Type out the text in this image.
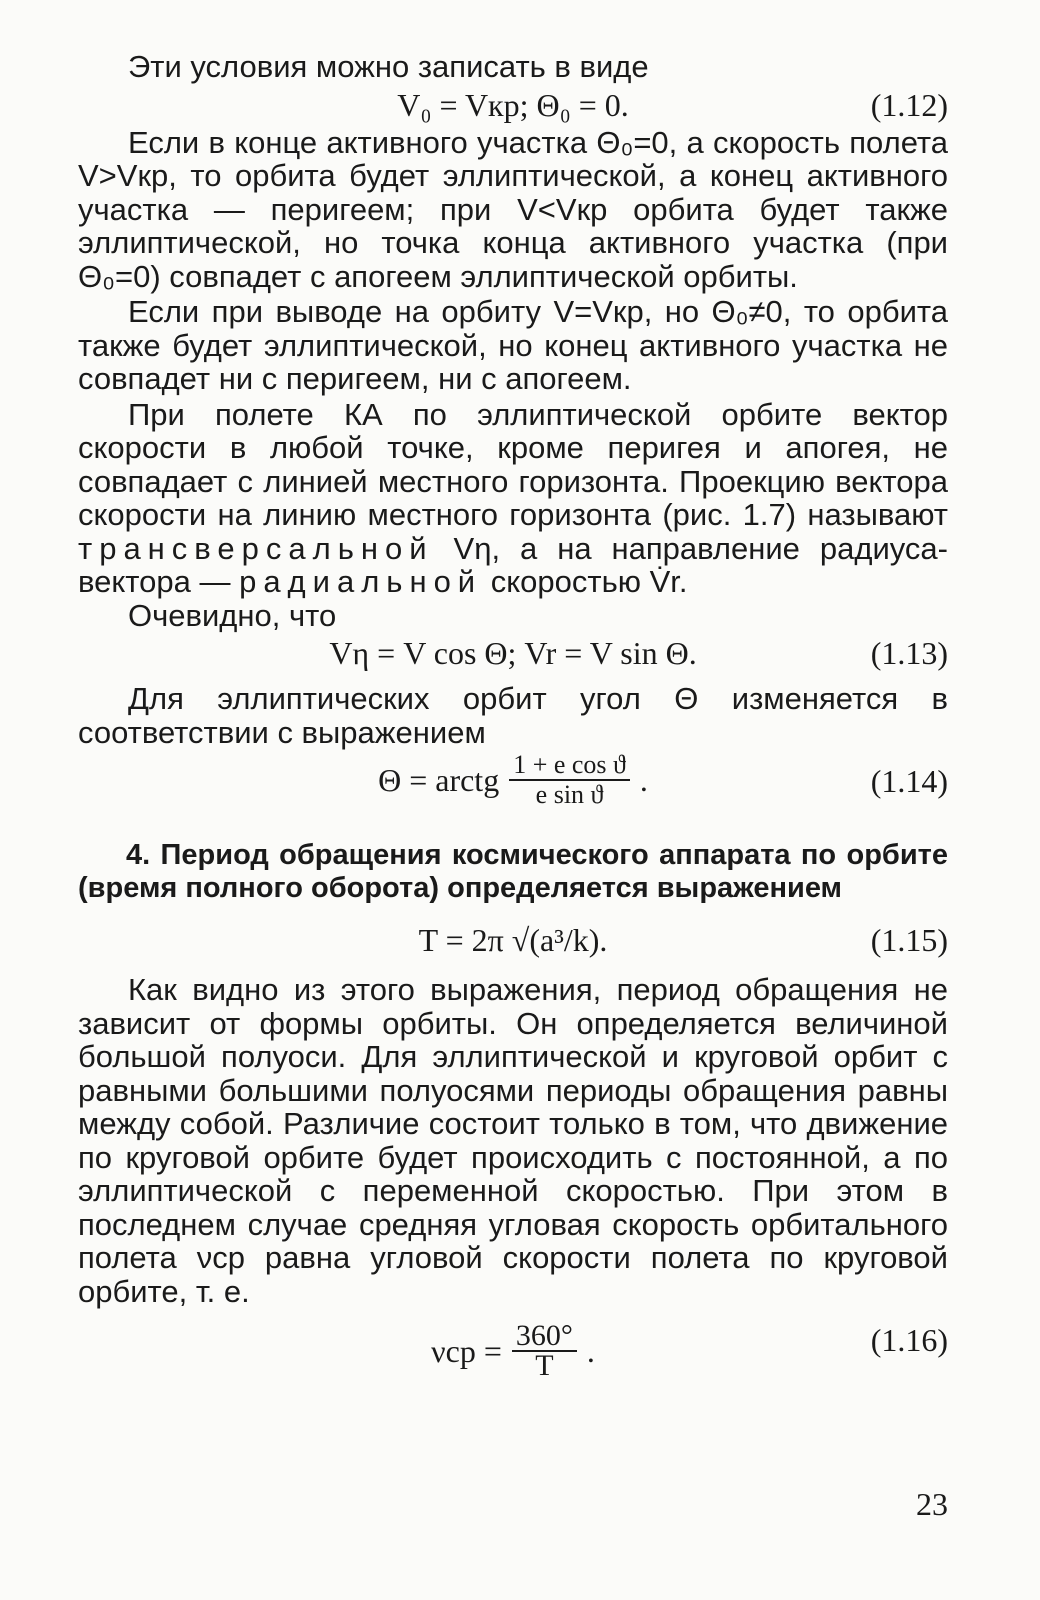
Эти условия можно записать в виде

V₀ = Vкр; Θ₀ = 0.	(1.12)

Если в конце активного участка Θ₀=0, а скорость полета V>Vкр, то орбита будет эллиптической, а конец активного участка — перигеем; при V<Vкр орбита будет также эллиптической, но точка конца активного участка (при Θ₀=0) совпадет с апогеем эллиптической орбиты.

Если при выводе на орбиту V=Vкр, но Θ₀≠0, то орбита также будет эллиптической, но конец активного участка не совпадет ни с перигеем, ни с апогеем.

При полете КА по эллиптической орбите вектор скорости в любой точке, кроме перигея и апогея, не совпадает с линией местного горизонта. Проекцию вектора скорости на линию местного горизонта (рис. 1.7) называют трансверсальной Vη, а на направление радиуса-вектора — радиальной скоростью V̇r.

Очевидно, что

Vη = V cos Θ; Vr = V sin Θ.	(1.13)

Для эллиптических орбит угол Θ изменяется в соответствии с выражением

Θ = arctg $\frac{\text{1 + e cos ϑ}}{\text{e sin ϑ}}$ .	(1.14)

4. Период обращения космического аппарата по орбите (время полного оборота) определяется выражением

T = 2π √(a³/k).	(1.15)

Как видно из этого выражения, период обращения не зависит от формы орбиты. Он определяется величиной большой полуоси. Для эллиптической и круговой орбит с равными большими полуосями периоды обращения равны между собой. Различие состоит только в том, что движение по круговой орбите будет происходить с постоянной, а по эллиптической с переменной скоростью. При этом в последнем случае средняя угловая скорость орбитального полета νср равна угловой скорости полета по круговой орбите, т. е.

$\nu ср = \frac{360^\circ}{T}$ .	(1.16)
23
